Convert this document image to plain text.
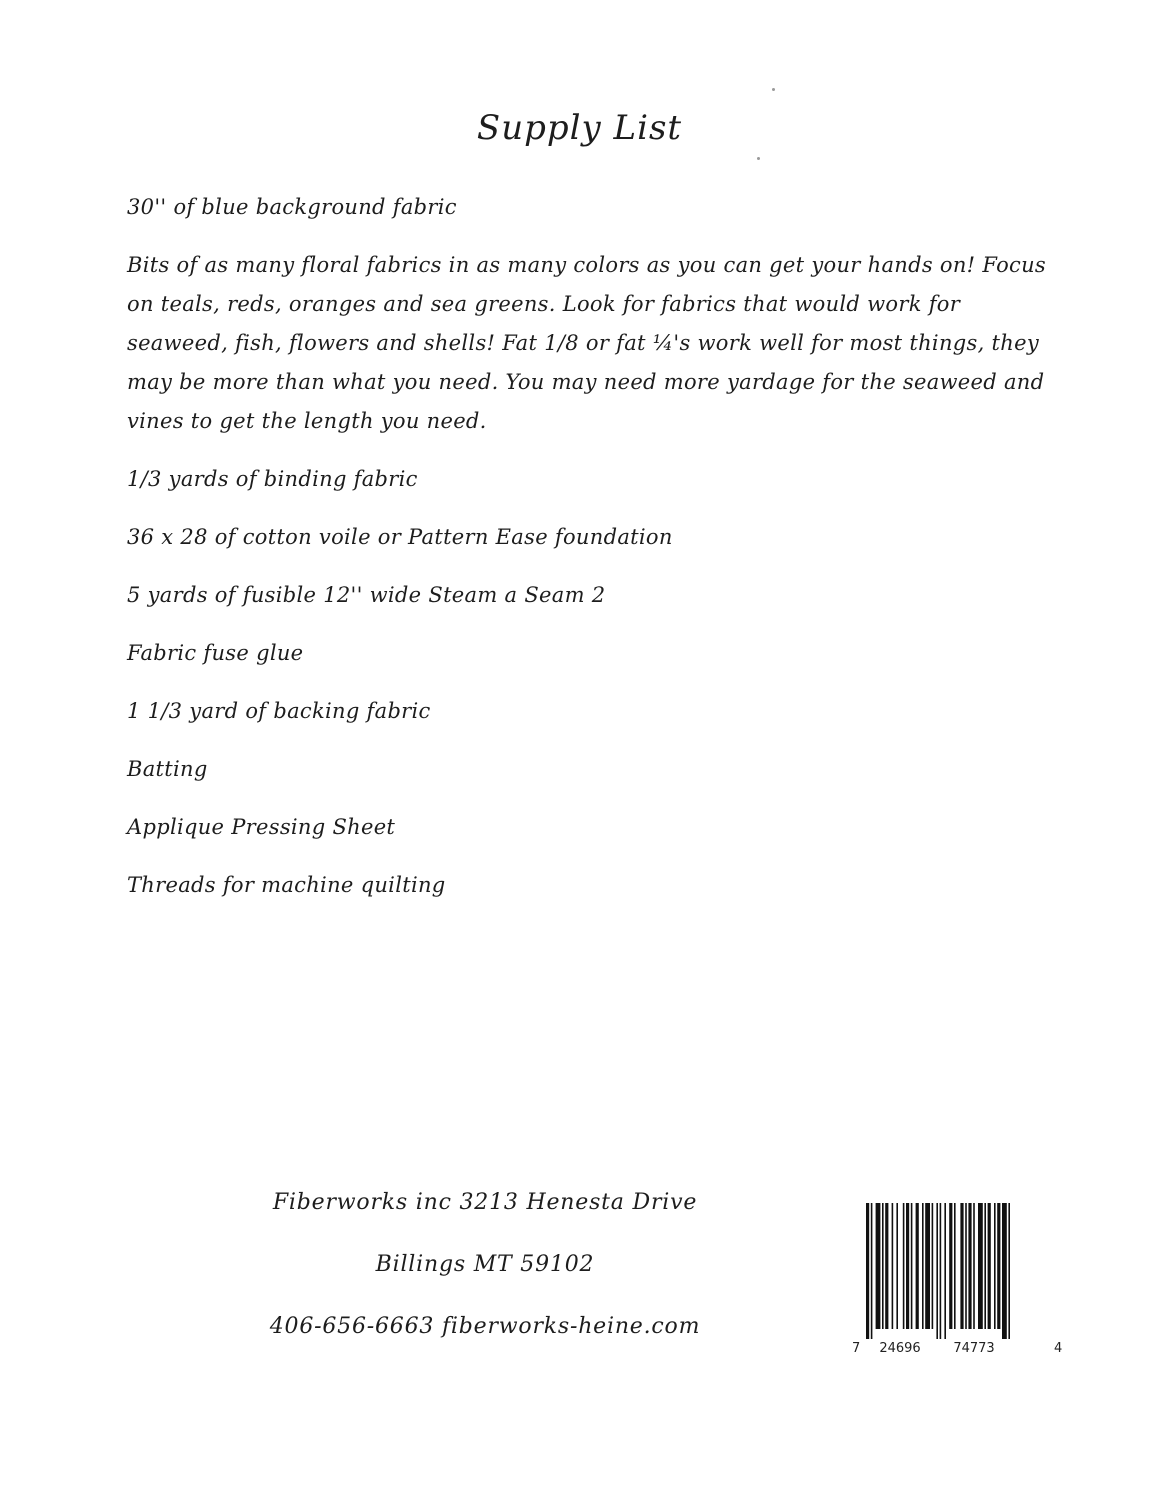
Supply List
30'' of blue background fabric
Bits of as many floral fabrics in as many colors as you can get your hands on! Focus on teals, reds, oranges and sea greens. Look for fabrics that would work for seaweed, fish, flowers and shells! Fat 1/8 or fat ¼'s work well for most things, they may be more than what you need. You may need more yardage for the seaweed and vines to get the length you need.
1/3 yards of binding fabric
36 x 28 of cotton voile or Pattern Ease foundation
5 yards of fusible 12'' wide Steam a Seam 2
Fabric fuse glue
1 1/3 yard of backing fabric
Batting
Applique Pressing Sheet
Threads for machine quilting
Fiberworks inc 3213 Henesta Drive
Billings MT 59102
406-656-6663 fiberworks-heine.com
7 24696	74773	4
